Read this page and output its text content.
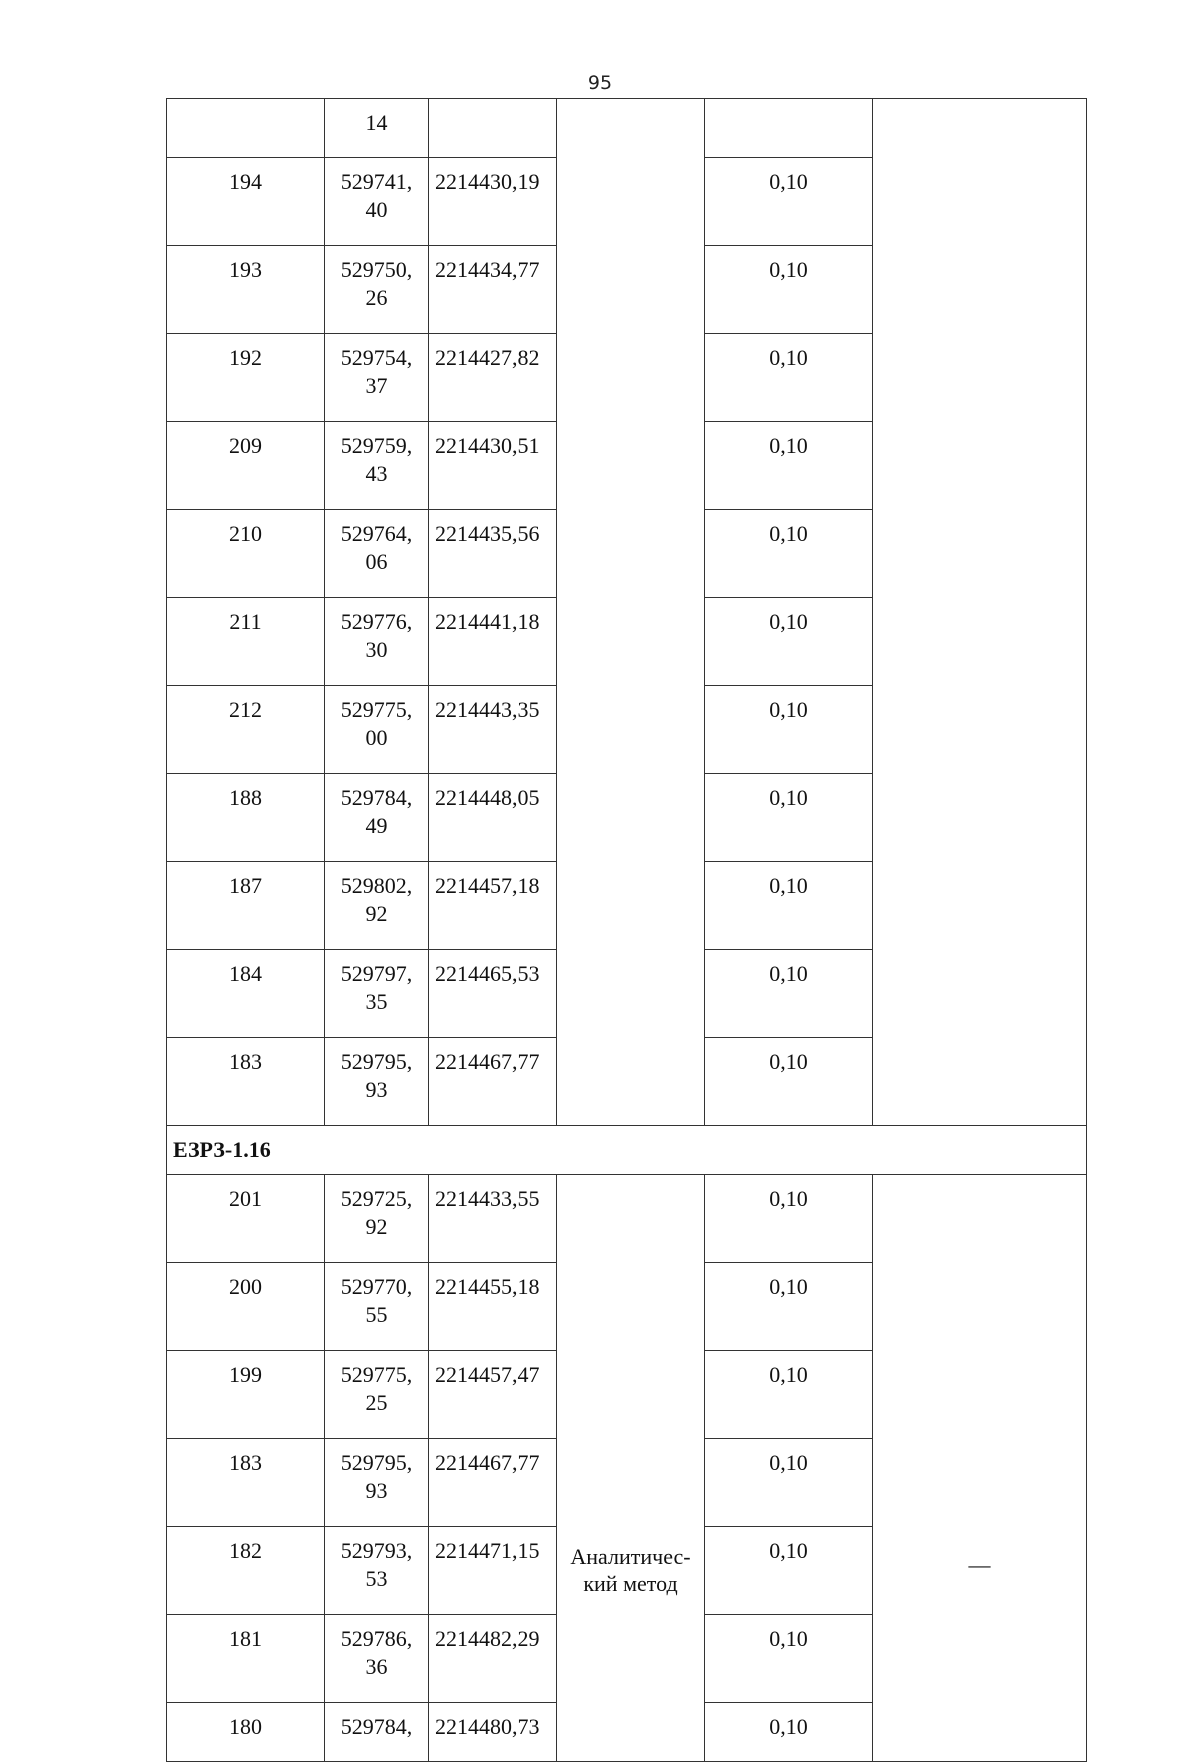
95
	14				
194	529741,
40	2214430,19		0,10	
193	529750,
26	2214434,77		0,10	
192	529754,
37	2214427,82		0,10	
209	529759,
43	2214430,51		0,10	
210	529764,
06	2214435,56		0,10	
211	529776,
30	2214441,18		0,10	
212	529775,
00	2214443,35		0,10	
188	529784,
49	2214448,05		0,10	
187	529802,
92	2214457,18		0,10	
184	529797,
35	2214465,53		0,10	
183	529795,
93	2214467,77		0,10	
ЕЗРЗ-1.16					
201	529725,
92	2214433,55	Аналитичес-
кий метод	0,10	—

200	529770,
55	2214455,18		0,10	
199	529775,
25	2214457,47		0,10	
183	529795,
93	2214467,77		0,10	
182	529793,
53	2214471,15		0,10	
181	529786,
36	2214482,29		0,10	
180	529784,	2214480,73		0,10	
